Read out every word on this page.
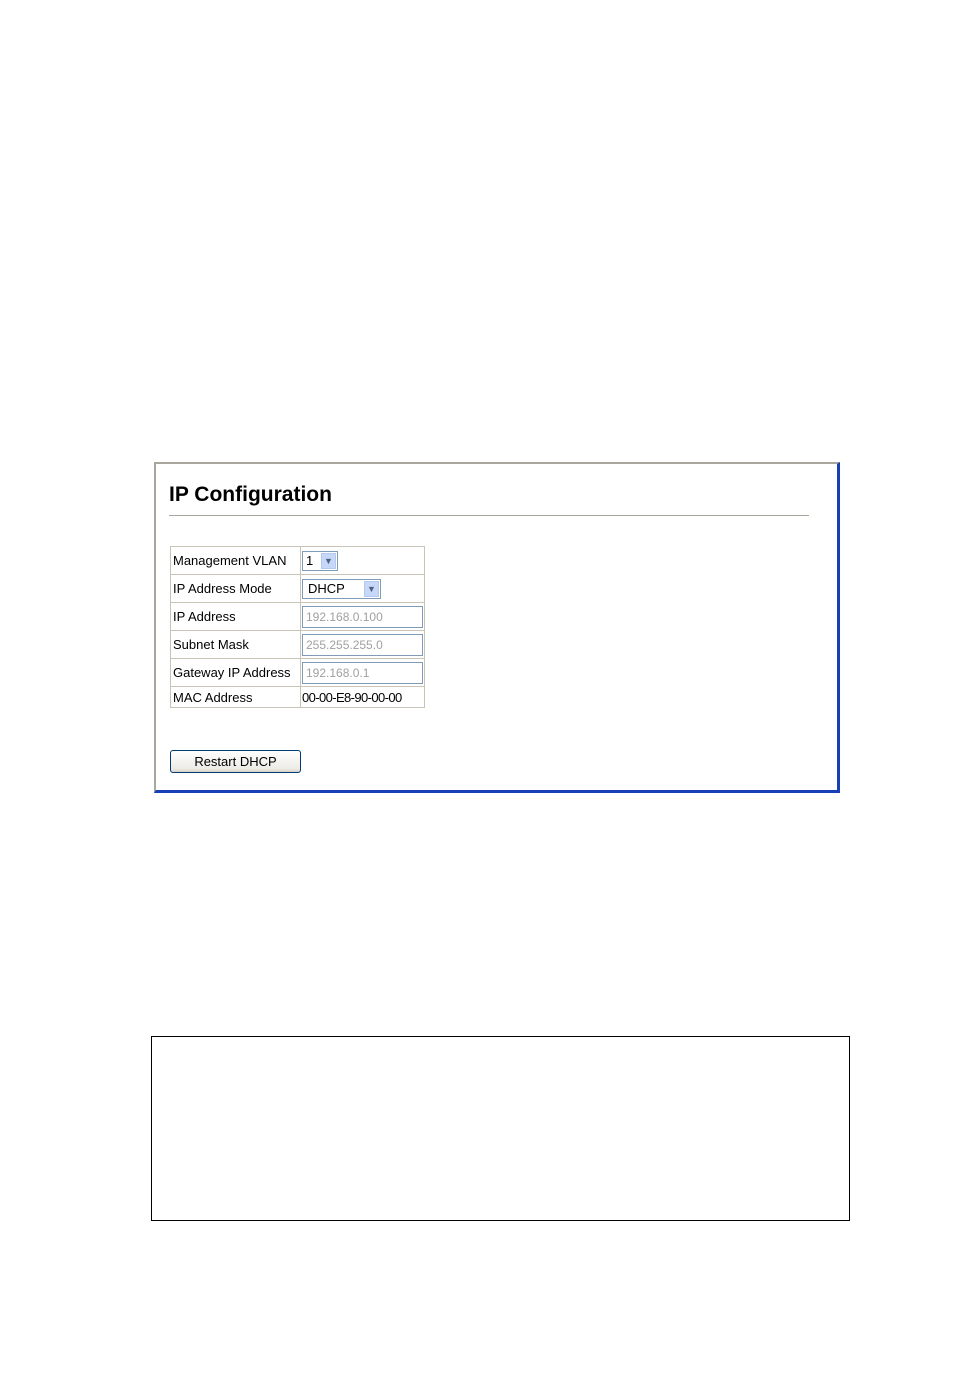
IP Configuration
Management VLAN	1 ▼

IP Address Mode	DHCP ▼

IP Address	192.168.0.100
Subnet Mask	255.255.255.0
Gateway IP Address	192.168.0.1
MAC Address	00-00-E8-90-00-00
Restart DHCP
